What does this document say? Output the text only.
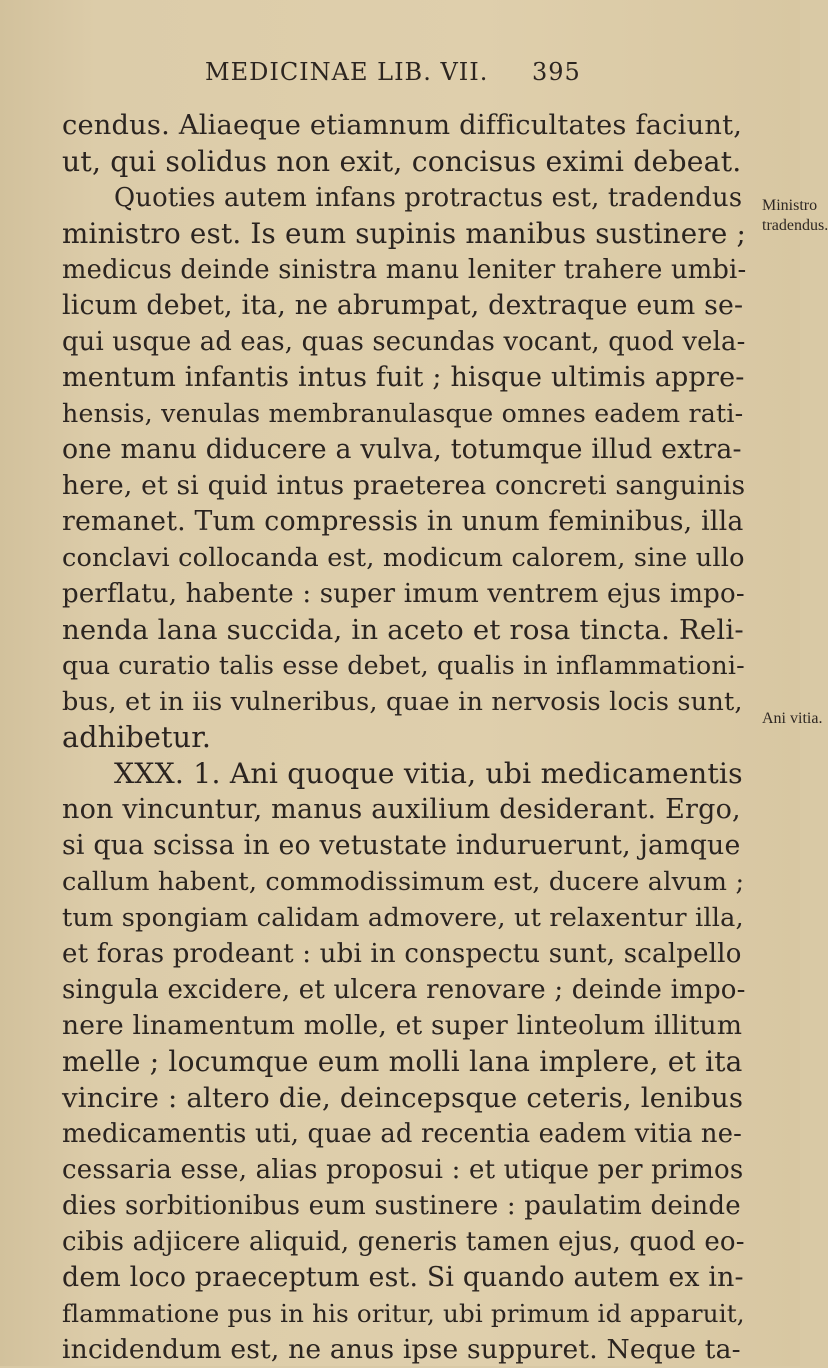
MEDICINAE LIB. VII. 395
Ministro
tradendus.
Ani vitia.
cendus. Aliaeque etiamnum difficultates faciunt,
ut, qui solidus non exit, concisus eximi debeat.
Quoties autem infans protractus est, tradendus
ministro est. Is eum supinis manibus sustinere ;
medicus deinde sinistra manu leniter trahere umbi-
licum debet, ita, ne abrumpat, dextraque eum se-
qui usque ad eas, quas secundas vocant, quod vela-
mentum infantis intus fuit ; hisque ultimis appre-
hensis, venulas membranulasque omnes eadem rati-
one manu diducere a vulva, totumque illud extra-
here, et si quid intus praeterea concreti sanguinis
remanet. Tum compressis in unum feminibus, illa
conclavi collocanda est, modicum calorem, sine ullo
perflatu, habente : super imum ventrem ejus impo-
nenda lana succida, in aceto et rosa tincta. Reli-
qua curatio talis esse debet, qualis in inflammationi-
bus, et in iis vulneribus, quae in nervosis locis sunt,
adhibetur.
XXX. 1. Ani quoque vitia, ubi medicamentis
non vincuntur, manus auxilium desiderant. Ergo,
si qua scissa in eo vetustate induruerunt, jamque
callum habent, commodissimum est, ducere alvum ;
tum spongiam calidam admovere, ut relaxentur illa,
et foras prodeant : ubi in conspectu sunt, scalpello
singula excidere, et ulcera renovare ; deinde impo-
nere linamentum molle, et super linteolum illitum
melle ; locumque eum molli lana implere, et ita
vincire : altero die, deincepsque ceteris, lenibus
medicamentis uti, quae ad recentia eadem vitia ne-
cessaria esse, alias proposui : et utique per primos
dies sorbitionibus eum sustinere : paulatim deinde
cibis adjicere aliquid, generis tamen ejus, quod eo-
dem loco praeceptum est. Si quando autem ex in-
flammatione pus in his oritur, ubi primum id apparuit,
incidendum est, ne anus ipse suppuret. Neque ta-
